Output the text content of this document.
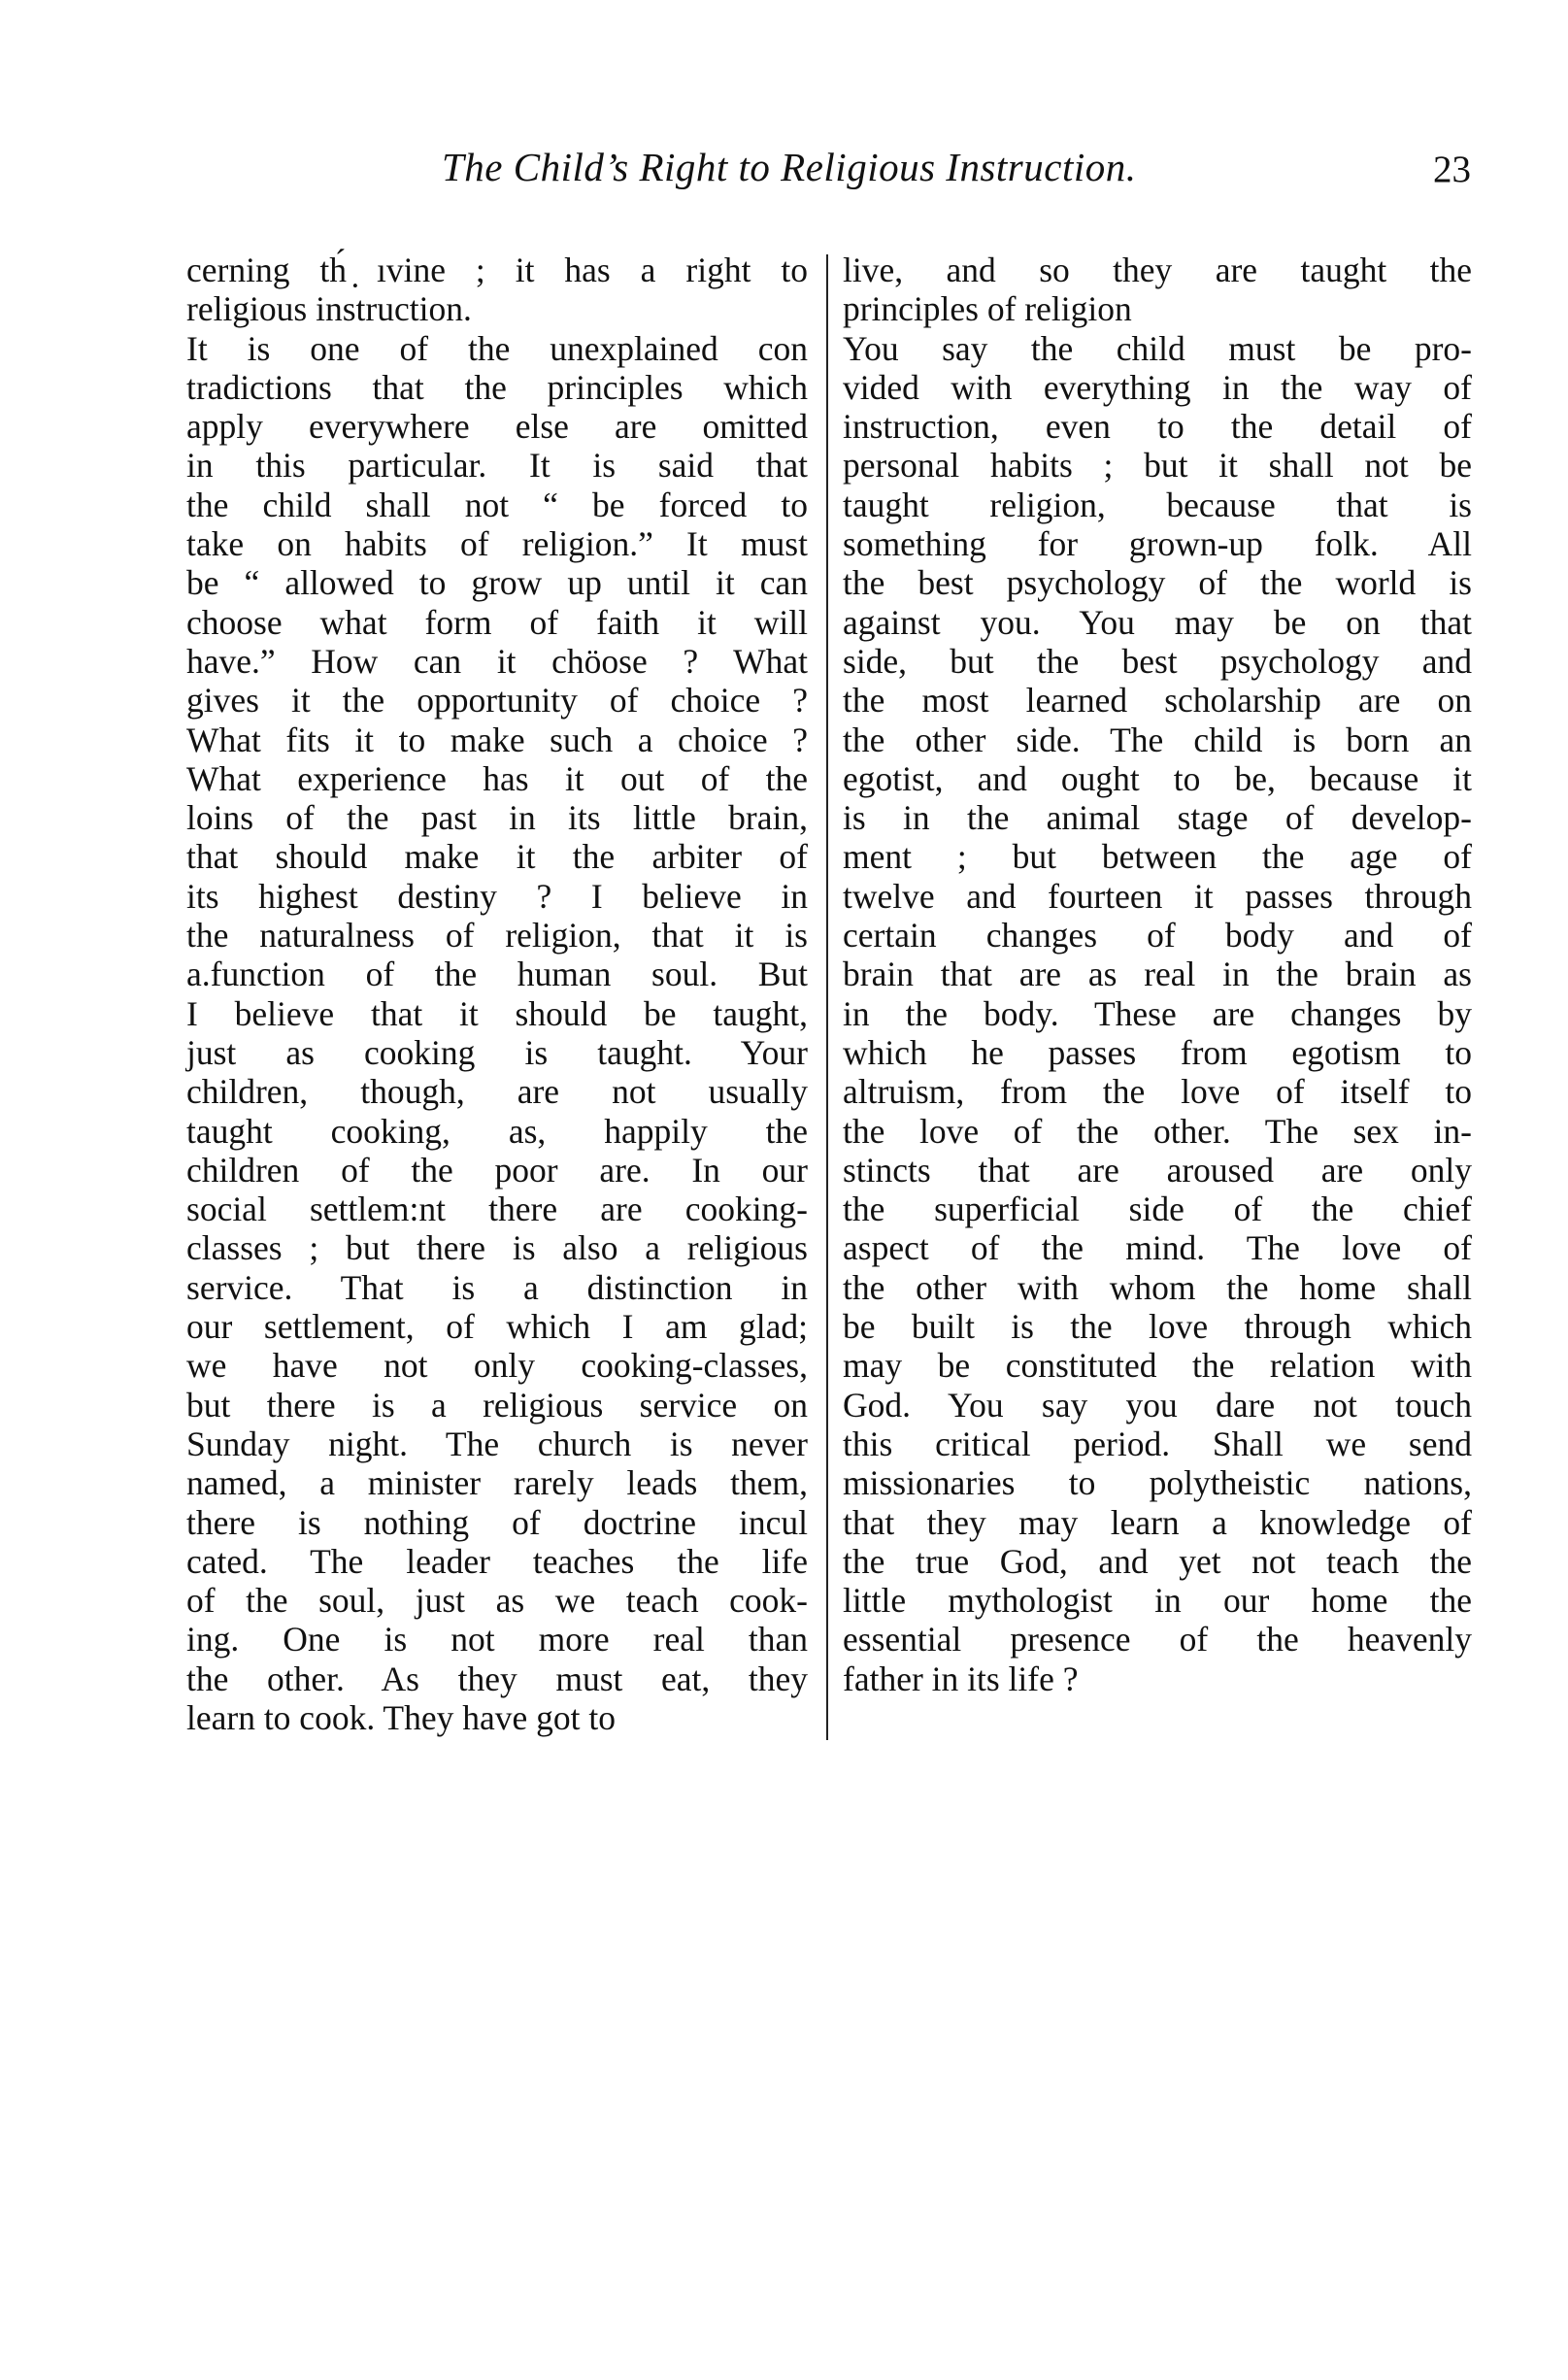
The Child’s Right to Religious Instruction.	23
cerning th́ ̣̣ıvine ; it has a right to
religious instruction.
It is one of the unexplained con
tradictions that the principles which
apply everywhere else are omitted
in this particular. It is said that
the child shall not “ be forced to
take on habits of religion.” It must
be “ allowed to grow up until it can
choose what form of faith it will
have.” How can it chöose ? What
gives it the opportunity of choice ?
What fits it to make such a choice ?
What experience has it out of the
loins of the past in its little brain,
that should make it the arbiter of
its highest destiny ? I believe in
the naturalness of religion, that it is
a.function of the human soul. But
I believe that it should be taught,
just as cooking is taught. Your
children, though, are not usually
taught cooking, as, happily the
children of the poor are. In our
social settlem:nt there are cooking-
classes ; but there is also a religious
service. That is a distinction in
our settlement, of which I am glad;
we have not only cooking-classes,
but there is a religious service on
Sunday night. The church is never
named, a minister rarely leads them,
there is nothing of doctrine incul
cated. The leader teaches the life
of the soul, just as we teach cook-
ing. One is not more real than
the other. As they must eat, they
learn to cook. They have got to
live, and so they are taught the
principles of religion
You say the child must be pro-
vided with everything in the way of
instruction, even to the detail of
personal habits ; but it shall not be
taught religion, because that is
something for grown-up folk. All
the best psychology of the world is
against you. You may be on that
side, but the best psychology and
the most learned scholarship are on
the other side. The child is born an
egotist, and ought to be, because it
is in the animal stage of develop-
ment ; but between the age of
twelve and fourteen it passes through
certain changes of body and of
brain that are as real in the brain as
in the body. These are changes by
which he passes from egotism to
altruism, from the love of itself to
the love of the other. The sex in-
stincts that are aroused are only
the superficial side of the chief
aspect of the mind. The love of
the other with whom the home shall
be built is the love through which
may be constituted the relation with
God. You say you dare not touch
this critical period. Shall we send
missionaries to polytheistic nations,
that they may learn a knowledge of
the true God, and yet not teach the
little mythologist in our home the
essential presence of the heavenly
father in its life ?
